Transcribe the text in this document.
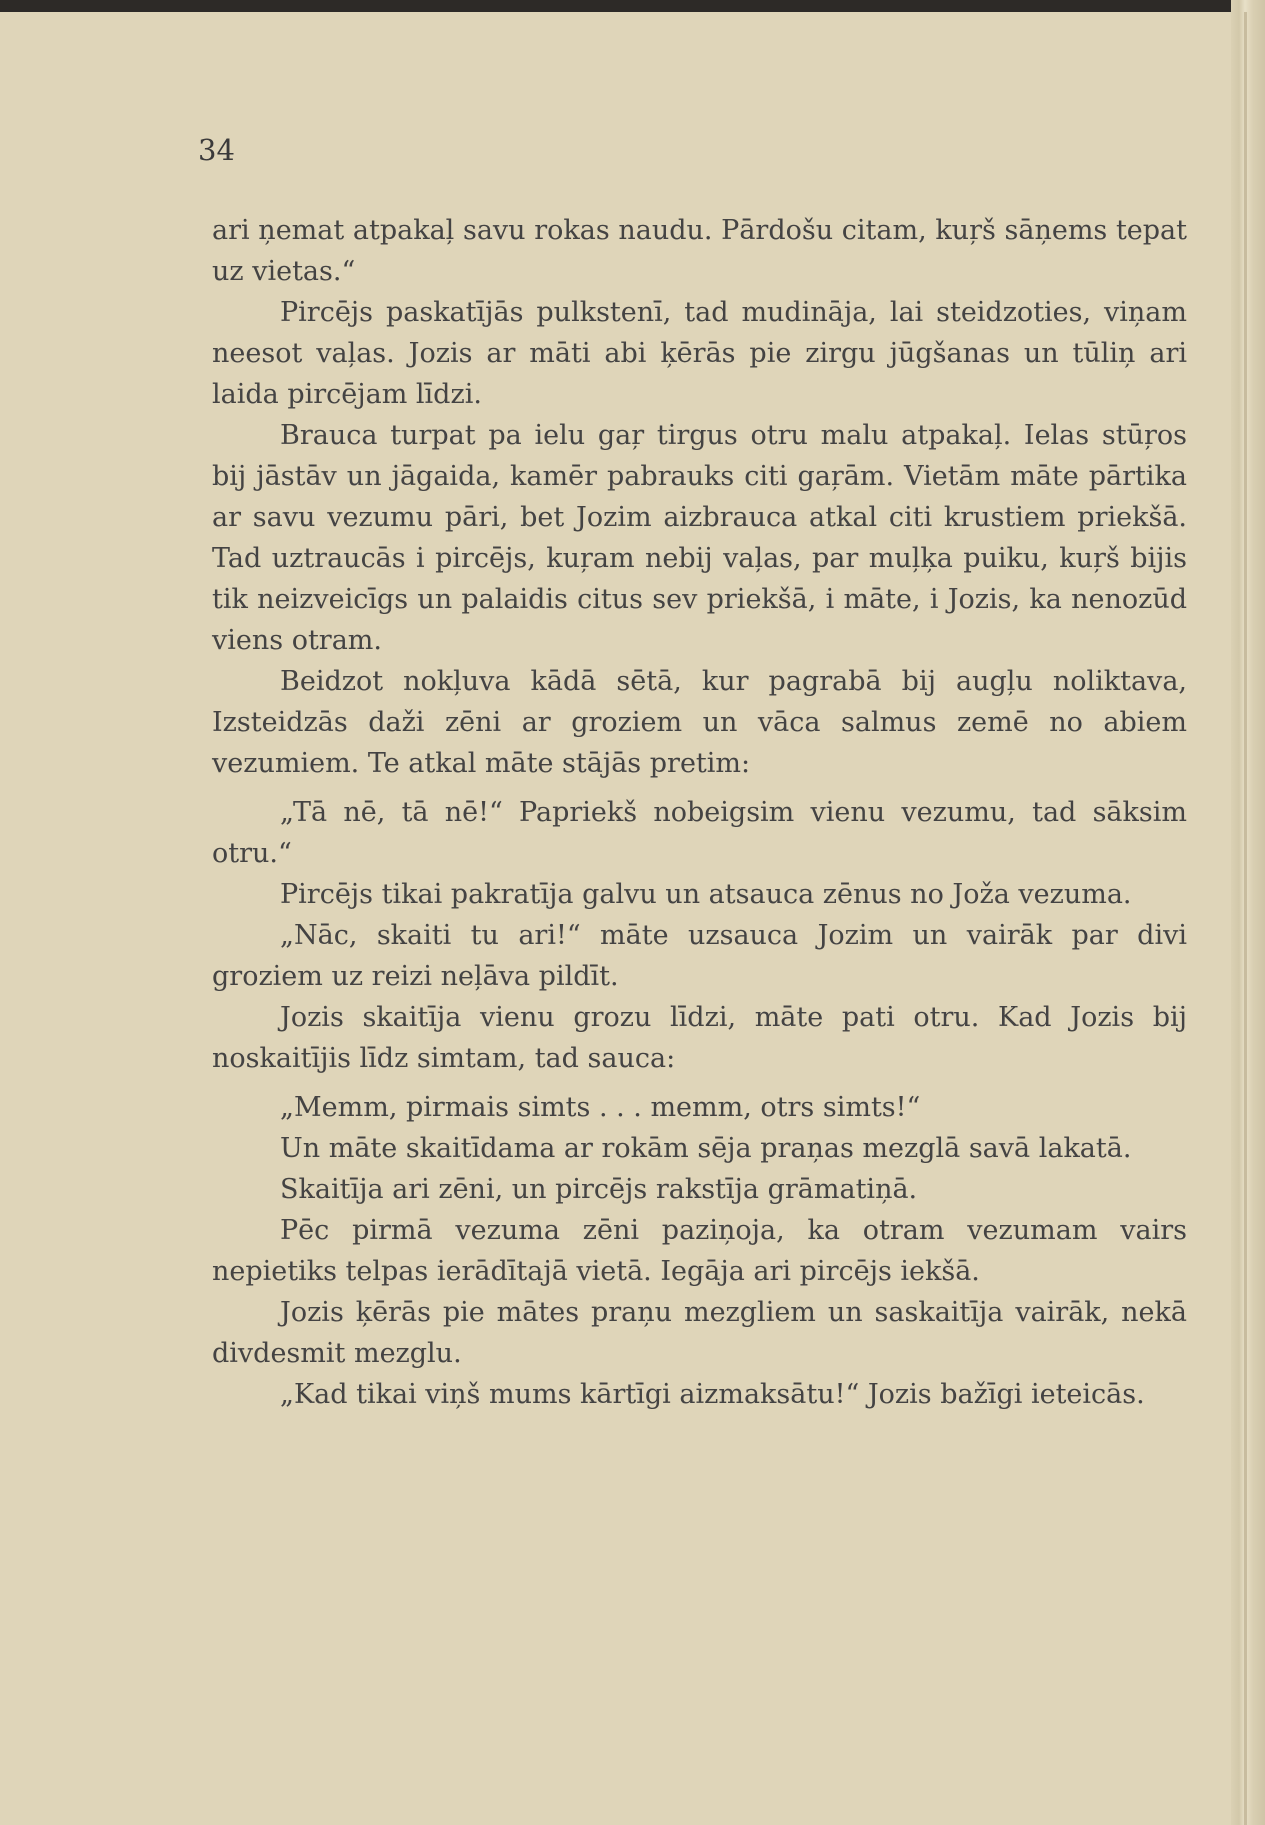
34

ari ņemat atpakaļ savu rokas naudu. Pārdošu citam, kuŗš sāņems tepat uz vietas.“

Pircējs paskatījās pulkstenī, tad mudināja, lai steidzoties, viņam neesot vaļas. Jozis ar māti abi ķērās pie zirgu jūgšanas un tūliņ ari laida pircējam līdzi.

Brauca turpat pa ielu gaŗ tirgus otru malu atpakaļ. Ielas stūŗos bij jāstāv un jāgaida, kamēr pabrauks citi gaŗām. Vietām māte pārtika ar savu vezumu pāri, bet Jozim aizbrauca atkal citi krustiem priekšā. Tad uztraucās i pircējs, kuŗam nebij vaļas, par muļķa puiku, kuŗš bijis tik neizveicīgs un palaidis citus sev priekšā, i māte, i Jozis, ka nenozūd viens otram.

Beidzot nokļuva kādā sētā, kur pagrabā bij augļu noliktava, Izsteidzās daži zēni ar groziem un vāca salmus zemē no abiem vezumiem. Te atkal māte stājās pretim:

„Tā nē, tā nē!“ Papriekš nobeigsim vienu vezumu, tad sāksim otru.“

Pircējs tikai pakratīja galvu un atsauca zēnus no Joža vezuma.

„Nāc, skaiti tu ari!“ māte uzsauca Jozim un vairāk par divi groziem uz reizi neļāva pildīt.

Jozis skaitīja vienu grozu līdzi, māte pati otru. Kad Jozis bij noskaitījis līdz simtam, tad sauca:

„Memm, pirmais simts . . . memm, otrs simts!“

Un māte skaitīdama ar rokām sēja praņas mezglā savā lakatā.

Skaitīja ari zēni, un pircējs rakstīja grāmatiņā.

Pēc pirmā vezuma zēni paziņoja, ka otram vezumam vairs nepietiks telpas ierādītajā vietā. Iegāja ari pircējs iekšā.

Jozis ķērās pie mātes praņu mezgliem un saskaitīja vairāk, nekā divdesmit mezglu.

„Kad tikai viņš mums kārtīgi aizmaksātu!“ Jozis bažīgi ieteicās.
